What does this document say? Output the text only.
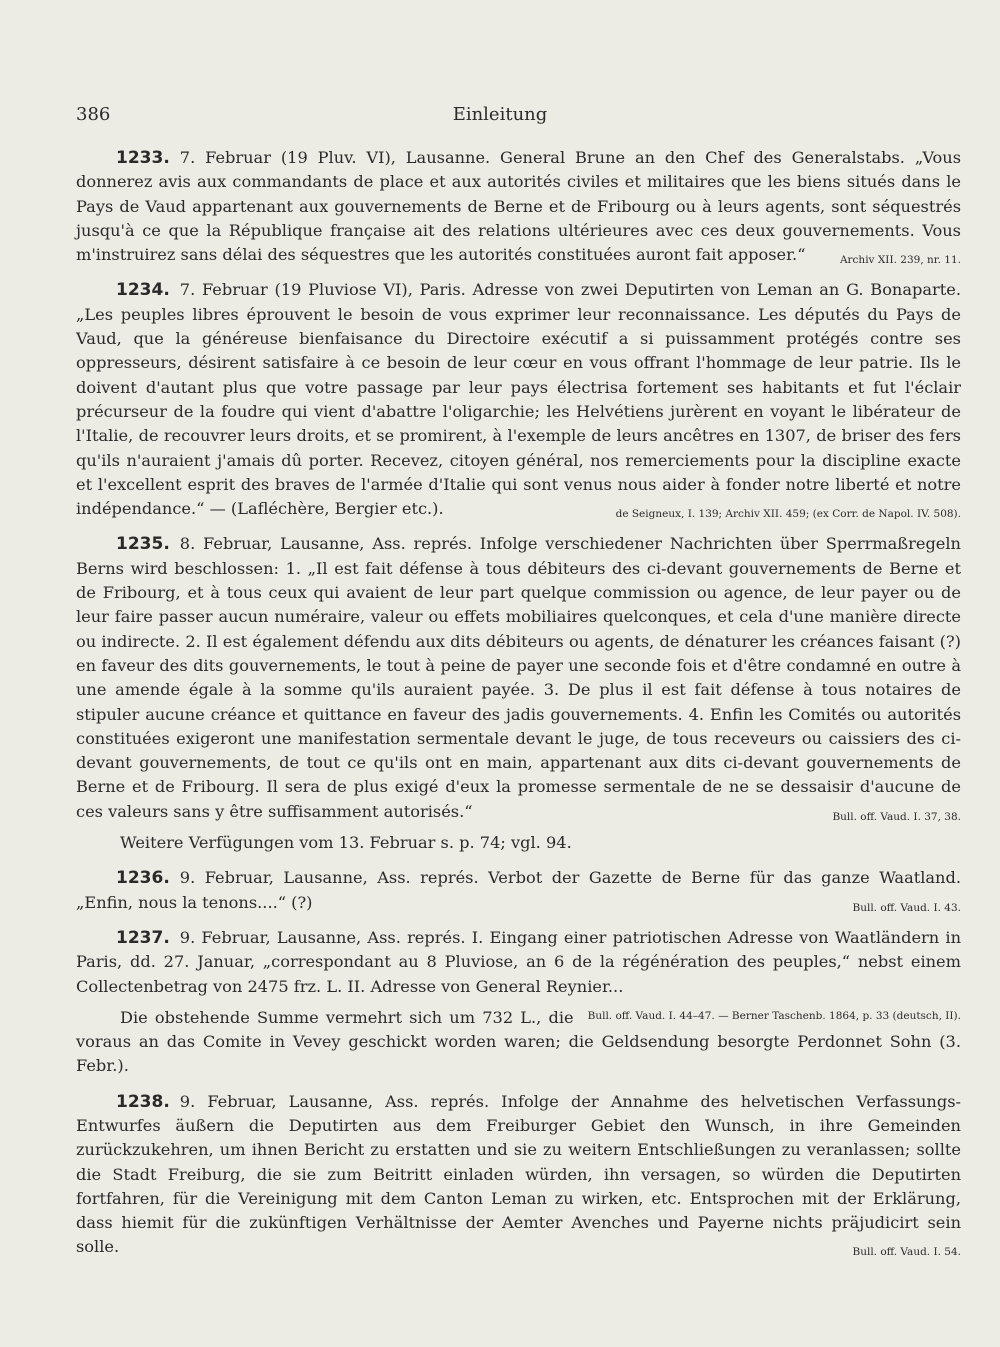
386	Einleitung

1233. 7. Februar (19 Pluv. VI), Lausanne. General Brune an den Chef des Generalstabs. „Vous donnerez avis aux commandants de place et aux autorités civiles et militaires que les biens situés dans le Pays de Vaud appartenant aux gouvernements de Berne et de Fribourg ou à leurs agents, sont séquestrés jusqu'à ce que la République française ait des relations ultérieures avec ces deux gouvernements. Vous m'instruirez sans délai des séquestres que les autorités constituées auront fait apposer.“	Archiv XII. 239, nr. 11.

1234. 7. Februar (19 Pluviose VI), Paris. Adresse von zwei Deputirten von Leman an G. Bonaparte. „Les peuples libres éprouvent le besoin de vous exprimer leur reconnaissance. Les députés du Pays de Vaud, que la généreuse bienfaisance du Directoire exécutif a si puissamment protégés contre ses oppresseurs, désirent satisfaire à ce besoin de leur cœur en vous offrant l'hommage de leur patrie. Ils le doivent d'autant plus que votre passage par leur pays électrisa fortement ses habitants et fut l'éclair précurseur de la foudre qui vient d'abattre l'oligarchie; les Helvétiens jurèrent en voyant le libérateur de l'Italie, de recouvrer leurs droits, et se promirent, à l'exemple de leurs ancêtres en 1307, de briser des fers qu'ils n'auraient j'amais dû porter. Recevez, citoyen général, nos remerciements pour la discipline exacte et l'excellent esprit des braves de l'armée d'Italie qui sont venus nous aider à fonder notre liberté et notre indépendance.“ — (Lafléchère, Bergier etc.).	de Seigneux, I. 139; Archiv XII. 459; (ex Corr. de Napol. IV. 508).

1235. 8. Februar, Lausanne, Ass. représ. Infolge verschiedener Nachrichten über Sperrmaßregeln Berns wird beschlossen: 1. „Il est fait défense à tous débiteurs des ci-devant gouvernements de Berne et de Fribourg, et à tous ceux qui avaient de leur part quelque commission ou agence, de leur payer ou de leur faire passer aucun numéraire, valeur ou effets mobiliaires quelconques, et cela d'une manière directe ou indirecte. 2. Il est également défendu aux dits débiteurs ou agents, de dénaturer les créances faisant (?) en faveur des dits gouvernements, le tout à peine de payer une seconde fois et d'être condamné en outre à une amende égale à la somme qu'ils auraient payée. 3. De plus il est fait défense à tous notaires de stipuler aucune créance et quittance en faveur des jadis gouvernements. 4. Enfin les Comités ou autorités constituées exigeront une manifestation sermentale devant le juge, de tous receveurs ou caissiers des ci-devant gouvernements, de tout ce qu'ils ont en main, appartenant aux dits ci-devant gouvernements de Berne et de Fribourg. Il sera de plus exigé d'eux la promesse sermentale de ne se dessaisir d'aucune de ces valeurs sans y être suffisamment autorisés.“	Bull. off. Vaud. I. 37, 38.

Weitere Verfügungen vom 13. Februar s. p. 74; vgl. 94.

1236. 9. Februar, Lausanne, Ass. représ. Verbot der Gazette de Berne für das ganze Waatland. „Enfin, nous la tenons....“ (?)	Bull. off. Vaud. I. 43.

1237. 9. Februar, Lausanne, Ass. représ. I. Eingang einer patriotischen Adresse von Waatländern in Paris, dd. 27. Januar, „correspondant au 8 Pluviose, an 6 de la régénération des peuples,“ nebst einem Collectenbetrag von 2475 frz. L. II. Adresse von General Reynier...
Bull. off. Vaud. I. 44–47. — Berner Taschenb. 1864, p. 33 (deutsch, II).

Die obstehende Summe vermehrt sich um 732 L., die voraus an das Comite in Vevey geschickt worden waren; die Geldsendung besorgte Perdonnet Sohn (3. Febr.).

1238. 9. Februar, Lausanne, Ass. représ. Infolge der Annahme des helvetischen Verfassungs-Entwurfes äußern die Deputirten aus dem Freiburger Gebiet den Wunsch, in ihre Gemeinden zurückzukehren, um ihnen Bericht zu erstatten und sie zu weitern Entschließungen zu veranlassen; sollte die Stadt Freiburg, die sie zum Beitritt einladen würden, ihn versagen, so würden die Deputirten fortfahren, für die Vereinigung mit dem Canton Leman zu wirken, etc. Entsprochen mit der Erklärung, dass hiemit für die zukünftigen Verhältnisse der Aemter Avenches und Payerne nichts präjudicirt sein solle.	Bull. off. Vaud. I. 54.
